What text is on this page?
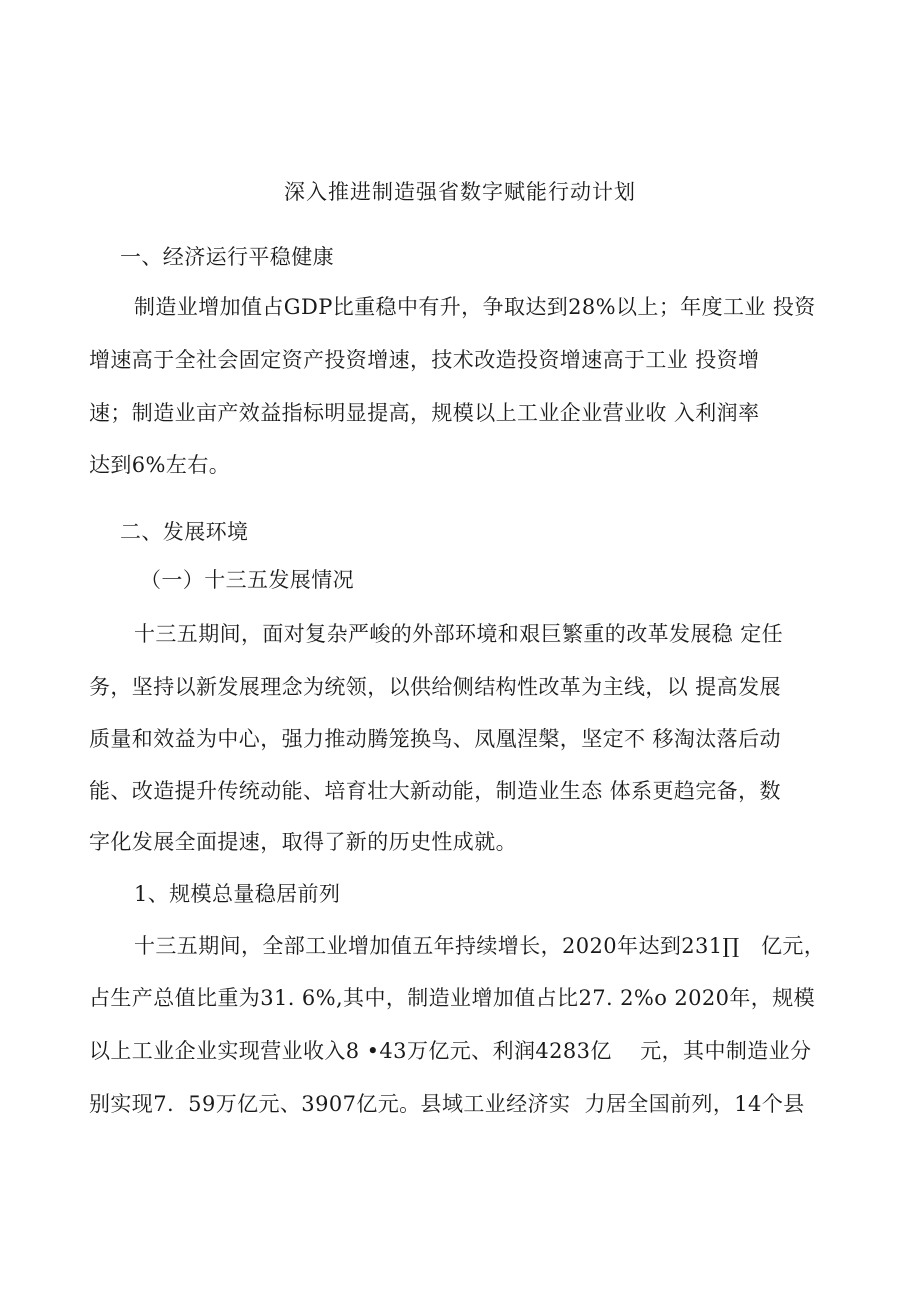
深入推进制造强省数字赋能行动计划
一、经济运行平稳健康
制造业增加值占GDP比重稳中有升，争取达到28%以上；年度工业 投资
增速高于全社会固定资产投资增速，技术改造投资增速高于工业 投资增
速；制造业亩产效益指标明显提高，规模以上工业企业营业收 入利润率
达到6%左右。
二、发展环境
（一）十三五发展情况
十三五期间，面对复杂严峻的外部环境和艰巨繁重的改革发展稳 定任
务，坚持以新发展理念为统领，以供给侧结构性改革为主线，以 提高发展
质量和效益为中心，强力推动腾笼换鸟、凤凰涅槃，坚定不 移淘汰落后动
能、改造提升传统动能、培育壮大新动能，制造业生态 体系更趋完备，数
字化发展全面提速，取得了新的历史性成就。
1、规模总量稳居前列
十三五期间，全部工业增加值五年持续增长，2020年达到231∏　亿元，
占生产总值比重为31. 6%,其中，制造业增加值占比27. 2%o 2020年，规模
以上工业企业实现营业收入8 •43万亿元、利润4283亿　 元，其中制造业分
别实现7.  59万亿元、3907亿元。县域工业经济实  力居全国前列，14个县
